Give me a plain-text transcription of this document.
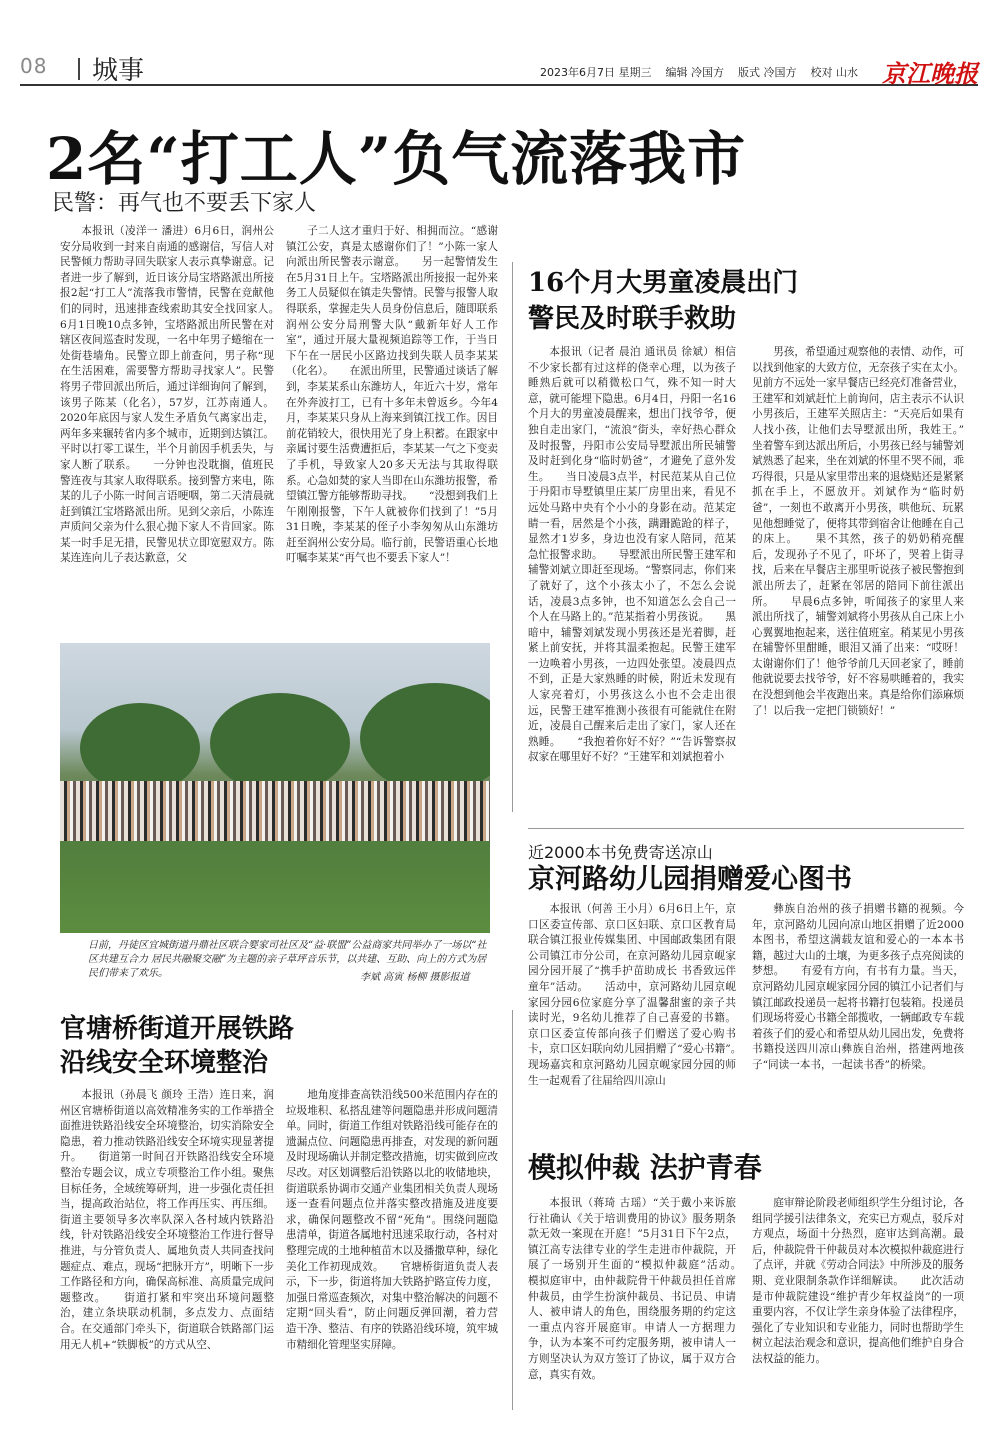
08 城事	2023年6月7日 星期三 编辑 冷国方 版式 冷国方 校对 山水 京江晚报
2名“打工人”负气流落我市
民警：再气也不要丢下家人

本报讯（凌洋一 潘进）6月6日，润州公安分局收到一封来自南通的感谢信，写信人对民警倾力帮助寻回失联家人表示真挚谢意。记者进一步了解到，近日该分局宝塔路派出所接报2起“打工人”流落我市警情，民警在竞献他们的同时，迅速排查线索助其安全找回家人。　　6月1日晚10点多钟，宝塔路派出所民警在对辖区夜间巡查时发现，一名中年男子蜷缩在一处街巷墙角。民警立即上前查问，男子称“现在生活困难，需要警方帮助寻找家人”。民警将男子带回派出所后，通过详细询问了解到，该男子陈某（化名），57岁，江苏南通人。2020年底因与家人发生矛盾负气离家出走，两年多来辗转省内多个城市，近期到达镇江。平时以打零工谋生，半个月前因手机丢失，与家人断了联系。　　一分钟也没耽搁，值班民警连夜与其家人取得联系。接到警方来电，陈某的儿子小陈一时间言语哽咽，第二天清晨就赶到镇江宝塔路派出所。见到父亲后，小陈连声质问父亲为什么狠心抛下家人不肯回家。陈某一时手足无措，民警见状立即宽慰双方。陈某连连向儿子表达歉意，父

子二人这才重归于好、相拥而泣。“感谢镇江公安，真是太感谢你们了！”小陈一家人向派出所民警表示谢意。　　另一起警情发生在5月31日上午。宝塔路派出所接报一起外来务工人员疑似在镇走失警情。民警与报警人取得联系，掌握走失人员身份信息后，随即联系润州公安分局刑警大队“戴新年好人工作室”，通过开展大量视频追踪等工作，于当日下午在一居民小区路边找到失联人员李某某（化名）。　　在派出所里，民警通过谈话了解到，李某某系山东潍坊人，年近六十岁，常年在外奔波打工，已有十多年未曾返乡。今年4月，李某某只身从上海来到镇江找工作。因目前花销较大，很快用光了身上积蓄。在跟家中亲属讨要生活费遭拒后，李某某一气之下变卖了手机，导致家人20多天无法与其取得联系。心急如焚的家人当即在山东潍坊报警，希望镇江警方能够帮助寻找。　　“没想到我们上午刚刚报警，下午人就被你们找到了！”5月31日晚，李某某的侄子小李匆匆从山东潍坊赶至润州公安分局。临行前，民警语重心长地叮嘱李某某“再气也不要丢下家人”！

16个月大男童凌晨出门
警民及时联手救助

本报讯（记者 晨泊 通讯员 徐斌）相信不少家长都有过这样的侥幸心理，以为孩子睡熟后就可以稍微松口气，殊不知一时大意，就可能埋下隐患。6月4日，丹阳一名16个月大的男童凌晨醒来，想出门找爷爷，便独自走出家门，“流浪”街头，幸好热心群众及时报警，丹阳市公安局导墅派出所民辅警及时赶到化身“临时奶爸”，才避免了意外发生。　　当日凌晨3点半，村民范某从自己位于丹阳市导墅镇里庄某厂房里出来，看见不远处马路中央有个小小的身影在动。范某定睛一看，居然是个小孩，蹒跚跪跄的样子，显然才1岁多，身边也没有家人陪同，范某急忙报警求助。　　导墅派出所民警王建军和辅警刘斌立即赶至现场。“警察同志，你们来了就好了，这个小孩太小了，不怎么会说话，凌晨3点多钟，也不知道怎么会自己一个人在马路上的。”范某指着小男孩说。　　黑暗中，辅警刘斌发现小男孩还是光着脚，赶紧上前安抚，并将其温柔抱起。民警王建军一边唤着小男孩，一边四处张望。凌晨四点不到，正是大家熟睡的时候，附近未发现有人家亮着灯，小男孩这么小也不会走出很远，民警王建军推测小孩很有可能就住在附近，凌晨自己醒来后走出了家门，家人还在熟睡。　　“我抱着你好不好？”“告诉警察叔叔家在哪里好不好？”王建军和刘斌抱着小

男孩，希望通过观察他的表情、动作，可以找到他家的大致方位，无奈孩子实在太小。见前方不远处一家早餐店已经亮灯准备营业，王建军和刘斌赶忙上前询问，店主表示不认识小男孩后，王建军关照店主：“天亮后如果有人找小孩，让他们去导墅派出所，我姓王。”　　坐着警车到达派出所后，小男孩已经与辅警刘斌熟悉了起来，坐在刘斌的怀里不哭不闹，乖巧得很，只是从家里带出来的退烧贴还是紧紧抓在手上，不愿放开。刘斌作为“临时奶爸”，一刻也不敢离开小男孩，哄他玩、玩累见他想睡觉了，便将其带到宿舍让他睡在自己的床上。　　果不其然，孩子的奶奶稍亮醒后，发现孙子不见了，吓坏了，哭着上街寻找，后来在早餐店主那里听说孩子被民警抱到派出所去了，赶紧在邻居的陪同下前往派出所。　　早晨6点多钟，听闻孩子的家里人来派出所找了，辅警刘斌将小男孩从自己床上小心翼翼地抱起来，送往值班室。稍某见小男孩在辅警怀里酣睡，眼泪又涌了出来：“哎呀！太谢谢你们了！他爷爷前几天回老家了，睡前他就说要去找爷爷，好不容易哄睡着的，我实在没想到他会半夜跑出来。真是给你们添麻烦了！以后我一定把门锁锁好！”

日前，丹徒区宜城街道丹鼎社区联合婴家司社区及“益·联盟”公益商家共同举办了一场以“社区共建互合力 居民共融聚交融”为主题的亲子草坪音乐节，以共建、互助、向上的方式为居民们带来了欢乐。	李斌 高寅 杨柳 摄影报道
近2000本书免费寄送凉山
京河路幼儿园捐赠爱心图书

本报讯（何善 王小月）6月6日上午，京口区委宣传部、京口区妇联、京口区教育局联合镇江报业传媒集团、中国邮政集团有限公司镇江市分公司，在京河路幼儿园京岘家园分园开展了“携手护苗助成长 书香致远伴童年”活动。　　活动中，京河路幼儿园京岘家园分园6位家庭分享了温馨甜蜜的亲子共读时光，9名幼儿推荐了自己喜爱的书籍。京口区委宣传部向孩子们赠送了爱心购书卡，京口区妇联向幼儿园捐赠了“爱心书籍”。　　现场嘉宾和京河路幼儿园京岘家园分园的师生一起观看了往届给四川凉山

彝族自治州的孩子捐赠书籍的视频。今年，京河路幼儿园向凉山地区捐赠了近2000本图书，希望这满载友谊和爱心的一本本书籍，越过大山的土壤，为更多孩子点亮阅读的梦想。　　有爱有方向，有书有力量。当天，京河路幼儿园京岘家园分园的镇江小记者们与镇江邮政投递员一起将书籍打包装箱。投递员们现场将爱心书籍全部揽收，一辆邮政专车载着孩子们的爱心和希望从幼儿园出发，免费将书籍投送四川凉山彝族自治州，搭建两地孩子“同读一本书，一起读书香”的桥梁。

官塘桥街道开展铁路
沿线安全环境整治

本报讯（孙晨飞 颜玲 王浩）连日来，润州区官塘桥街道以高效精准务实的工作举措全面推进铁路沿线安全环境整治，切实消除安全隐患，着力推动铁路沿线安全环境实现显著提升。　　街道第一时间召开铁路沿线安全环境整治专题会议，成立专项整治工作小组。聚焦目标任务，全域统筹研判，进一步强化责任担当，提高政治站位，将工作再压实、再压细。街道主要领导多次率队深入各村域内铁路沿线，针对铁路沿线安全环境整治工作进行督导推进，与分管负责人、属地负责人共同查找问题症点、难点，现场“把脉开方”，明晰下一步工作路径和方向，确保高标准、高质量完成问题整改。　　街道打紧和牢突出环境问题整治，建立条块联动机制，多点发力、点面结合。在交通部门牵头下，街道联合铁路部门运用无人机+“铁脚板”的方式从空、

地角度排查高铁沿线500米范围内存在的垃圾堆积、私搭乱建等问题隐患并形成问题清单。同时，街道工作组对铁路沿线可能存在的遗漏点位、问题隐患再排查，对发现的新问题及时现场确认并制定整改措施，切实做到应改尽改。对区划调整后沿铁路以北的收储地块，街道联系协调市交通产业集团相关负责人现场逐一查看问题点位并落实整改措施及进度要求，确保问题整改不留“死角”。围绕问题隐患清单，街道各属地村迅速采取行动，各村对整理完成的土地种植苗木以及播撒草种，绿化美化工作初现成效。　　官塘桥街道负责人表示，下一步，街道将加大铁路护路宣传力度，加强日常巡查频次，对集中整治解决的问题不定期“回头看”，防止问题反弹回潮，着力营造干净、整洁、有序的铁路沿线环境，筑牢城市精细化管理坚实屏障。

模拟仲裁 法护青春

本报讯（蒋琦 古瑶）“关于戴小来诉旅行社确认《关于培训费用的协议》服务期条款无效一案现在开庭！”5月31日下午2点，镇江高专法律专业的学生走进市仲裁院，开展了一场别开生面的“模拟仲裁庭”活动。　　模拟庭审中，由仲裁院骨干仲裁员担任首席仲裁员，由学生扮演仲裁员、书记员、申请人、被申请人的角色，围绕服务期的约定这一重点内容开展庭审。申请人一方据理力争，认为本案不可约定服务期，被申请人一方则坚决认为双方签订了协议，属于双方合意，真实有效。

庭审辩论阶段老师组织学生分组讨论，各组同学援引法律条文，充实已方观点，驳斥对方观点，场面十分热烈，庭审达到高潮。最后，仲裁院骨干仲裁员对本次模拟仲裁庭进行了点评，并就《劳动合同法》中所涉及的服务期、竞业限制条款作详细解读。　　此次活动是市仲裁院建设“维护青少年权益岗”的一项重要内容，不仅让学生亲身体验了法律程序，强化了专业知识和专业能力，同时也帮助学生树立起法治观念和意识，提高他们维护自身合法权益的能力。
